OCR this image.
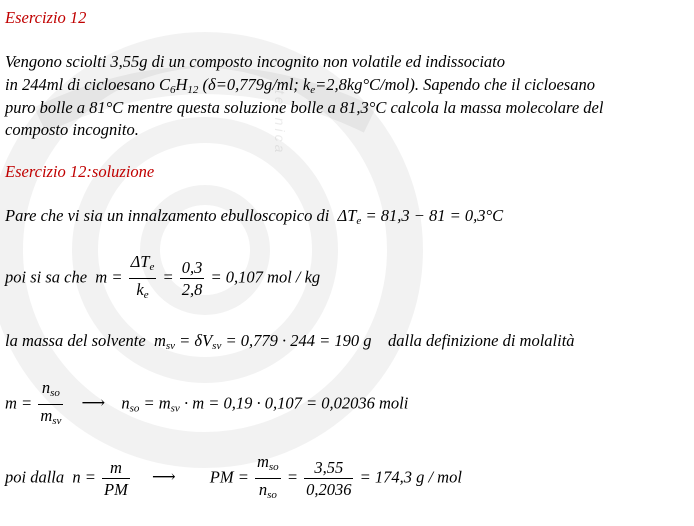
tecnica
Esercizio 12
Vengono sciolti 3,55g di un composto incognito non volatile ed indissociato
in 244ml di cicloesano $C_6H_{12}$ (δ=0,779g/ml; $k_e=2,8kg^\circ C/mol$). Sapendo che il cicloesano
puro bolle a 81°C mentre questa soluzione bolle a 81,3°C calcola la massa molecolare del
composto incognito.
Esercizio 12:soluzione
Pare che vi sia un innalzamento ebulloscopico di $\Delta T_e = 81,3 - 81 = 0,3^\circ C$
poi si sa che $m = \frac{\Delta T_e}{k_e} = \frac{0,3}{2,8} = 0,107$ mol / kg
la massa del solvente $m_{sv} = \delta V_{sv} = 0,779 \cdot 244 = 190$ g dalla definizione di molalità
$m = \frac{n_{so}}{m_{sv}}$ ⟶ $n_{so} = m_{sv} \cdot m = 0,19 \cdot 0,107 = 0,02036$ moli
poi dalla $n = \frac{m}{PM}$ ⟶ PM = $\frac{m_{so}}{n_{so}} = \frac{3,55}{0,2036} = 174,3$ g / mol
